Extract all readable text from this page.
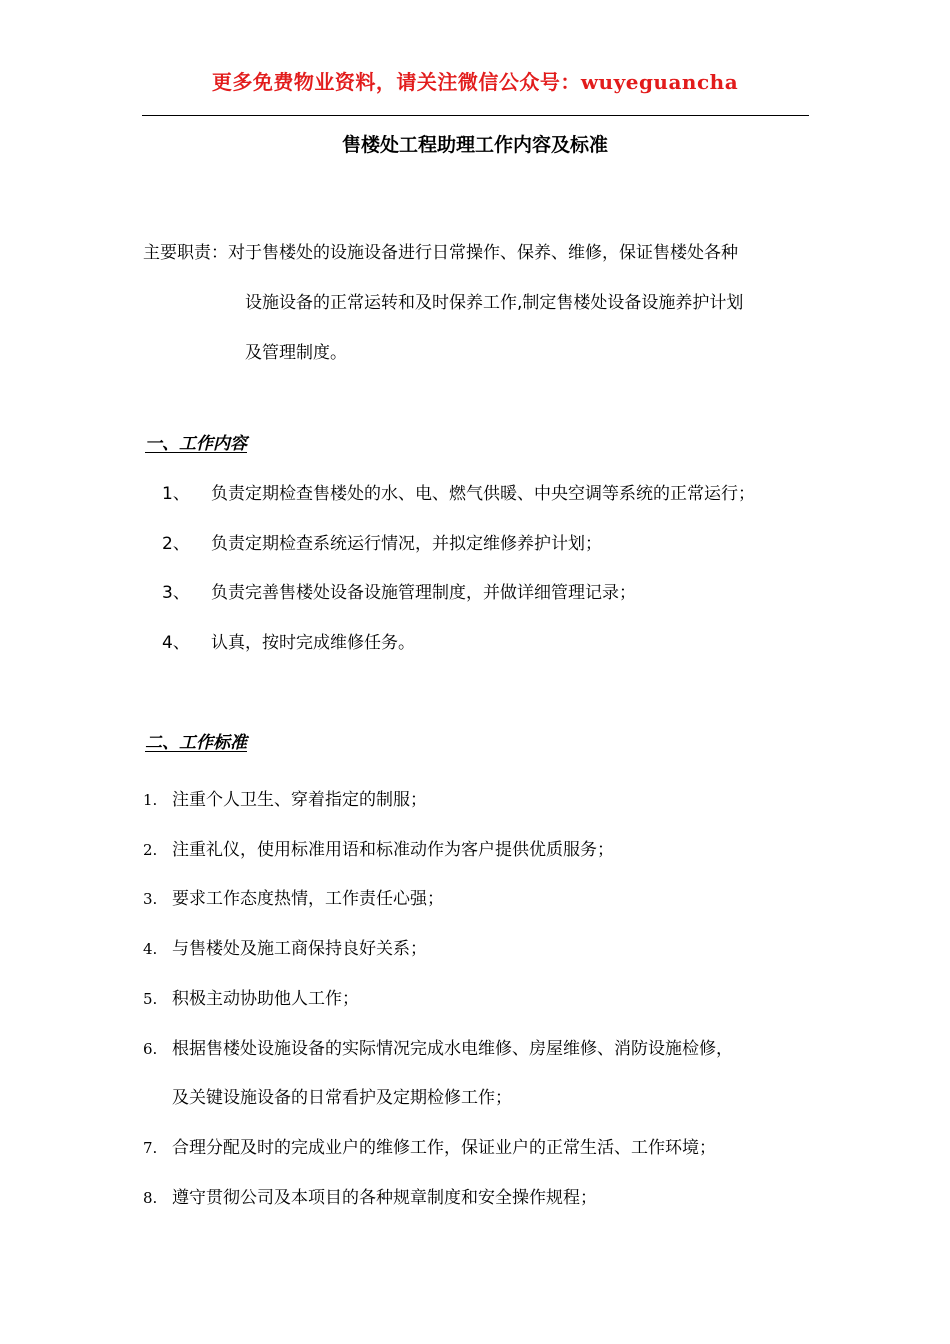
更多免费物业资料，请关注微信公众号：wuyeguancha
售楼处工程助理工作内容及标准
主要职责：对于售楼处的设施设备进行日常操作、保养、维修，保证售楼处各种
设施设备的正常运转和及时保养工作,制定售楼处设备设施养护计划
及管理制度。
一、工作内容
1、	负责定期检查售楼处的水、电、燃气供暖、中央空调等系统的正常运行；
2、	负责定期检查系统运行情况，并拟定维修养护计划；
3、	负责完善售楼处设备设施管理制度，并做详细管理记录；
4、	认真，按时完成维修任务。
二、工作标准
1. 注重个人卫生、穿着指定的制服；
2. 注重礼仪，使用标准用语和标准动作为客户提供优质服务；
3. 要求工作态度热情，工作责任心强；
4. 与售楼处及施工商保持良好关系；
5. 积极主动协助他人工作；
6. 根据售楼处设施设备的实际情况完成水电维修、房屋维修、消防设施检修，
及关键设施设备的日常看护及定期检修工作；
7. 合理分配及时的完成业户的维修工作，保证业户的正常生活、工作环境；
8. 遵守贯彻公司及本项目的各种规章制度和安全操作规程；
